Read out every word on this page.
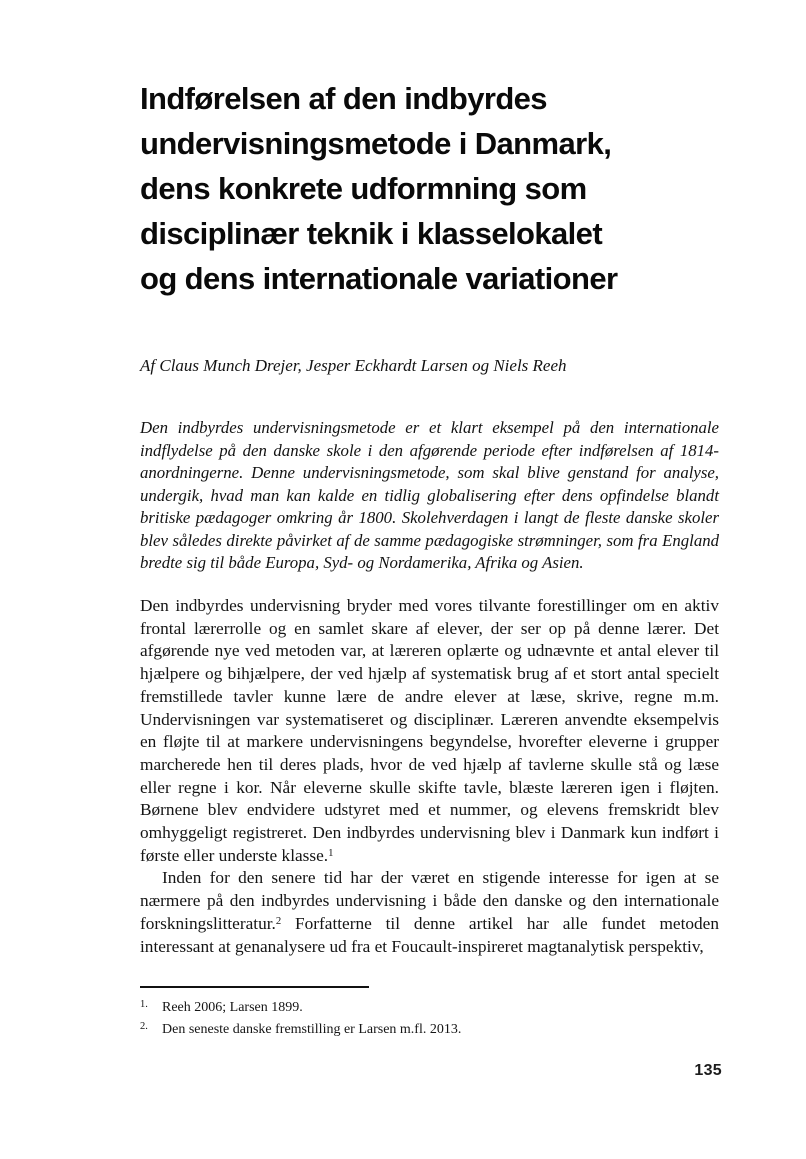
Indførelsen af den indbyrdes
undervisningsmetode i Danmark,
dens konkrete udformning som
disciplinær teknik i klasselokalet
og dens internationale variationer

Af Claus Munch Drejer, Jesper Eckhardt Larsen og Niels Reeh

Den indbyrdes undervisningsmetode er et klart eksempel på den internationale indflydelse på den danske skole i den afgørende periode efter indførelsen af 1814-anordningerne. Denne undervisningsmetode, som skal blive genstand for analyse, undergik, hvad man kan kalde en tidlig globalisering efter dens opfindelse blandt britiske pædagoger omkring år 1800. Skolehverdagen i langt de fleste danske skoler blev således direkte påvirket af de samme pædagogiske strømninger, som fra England bredte sig til både Europa, Syd- og Nordamerika, Afrika og Asien.

Den indbyrdes undervisning bryder med vores tilvante forestillinger om en aktiv frontal lærerrolle og en samlet skare af elever, der ser op på denne lærer. Det afgørende nye ved metoden var, at læreren oplærte og udnævnte et antal elever til hjælpere og bihjælpere, der ved hjælp af systematisk brug af et stort antal specielt fremstillede tavler kunne lære de andre elever at læse, skrive, regne m.m. Undervisningen var systematiseret og disciplinær. Læreren anvendte eksempelvis en fløjte til at markere undervisningens begyndelse, hvorefter eleverne i grupper marcherede hen til deres plads, hvor de ved hjælp af tavlerne skulle stå og læse eller regne i kor. Når eleverne skulle skifte tavle, blæste læreren igen i fløjten. Børnene blev endvidere udstyret med et nummer, og elevens fremskridt blev omhyggeligt registreret. Den indbyrdes undervisning blev i Danmark kun indført i første eller underste klasse.$^1$

Inden for den senere tid har der været en stigende interesse for igen at se nærmere på den indbyrdes undervisning i både den danske og den internationale forskningslitteratur.$^2$ Forfatterne til denne artikel har alle fundet metoden interessant at genanalysere ud fra et Foucault-inspireret magtanalytisk perspektiv,

1.	Reeh 2006; Larsen 1899.
2.	Den seneste danske fremstilling er Larsen m.fl. 2013.
135
